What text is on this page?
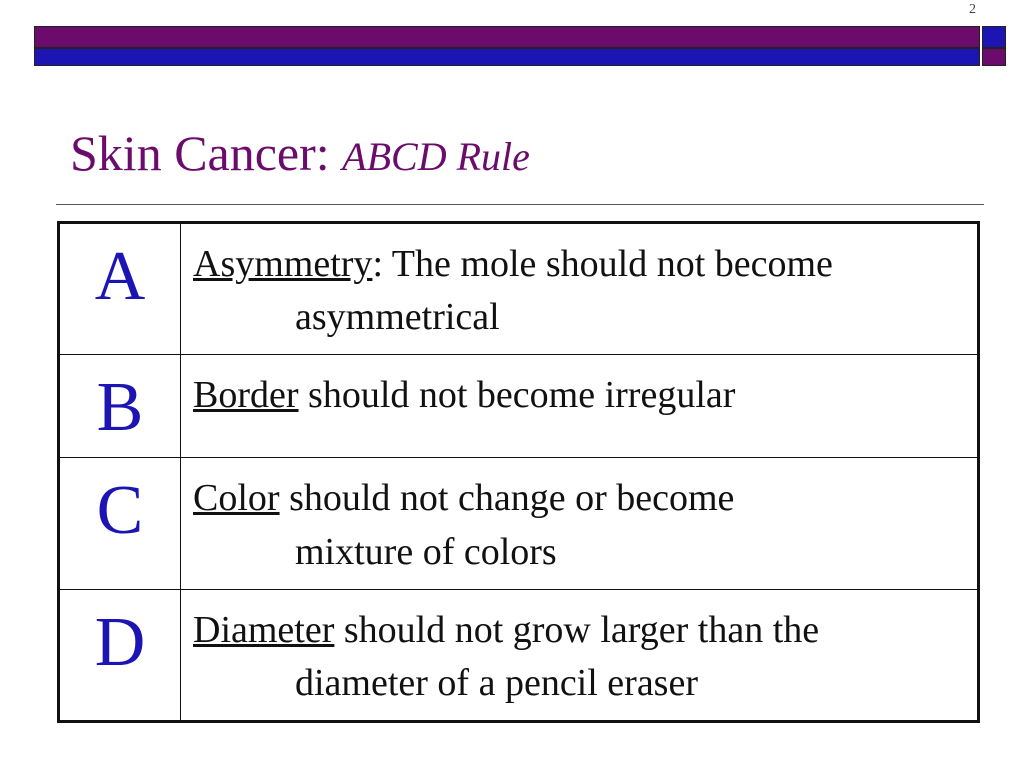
2
Skin Cancer: ABCD Rule
A	Asymmetry: The mole should not become
asymmetrical

B	Border should not become irregular
C	Color should not change or become
mixture of colors

D	Diameter should not grow larger than the
diameter of a pencil eraser
